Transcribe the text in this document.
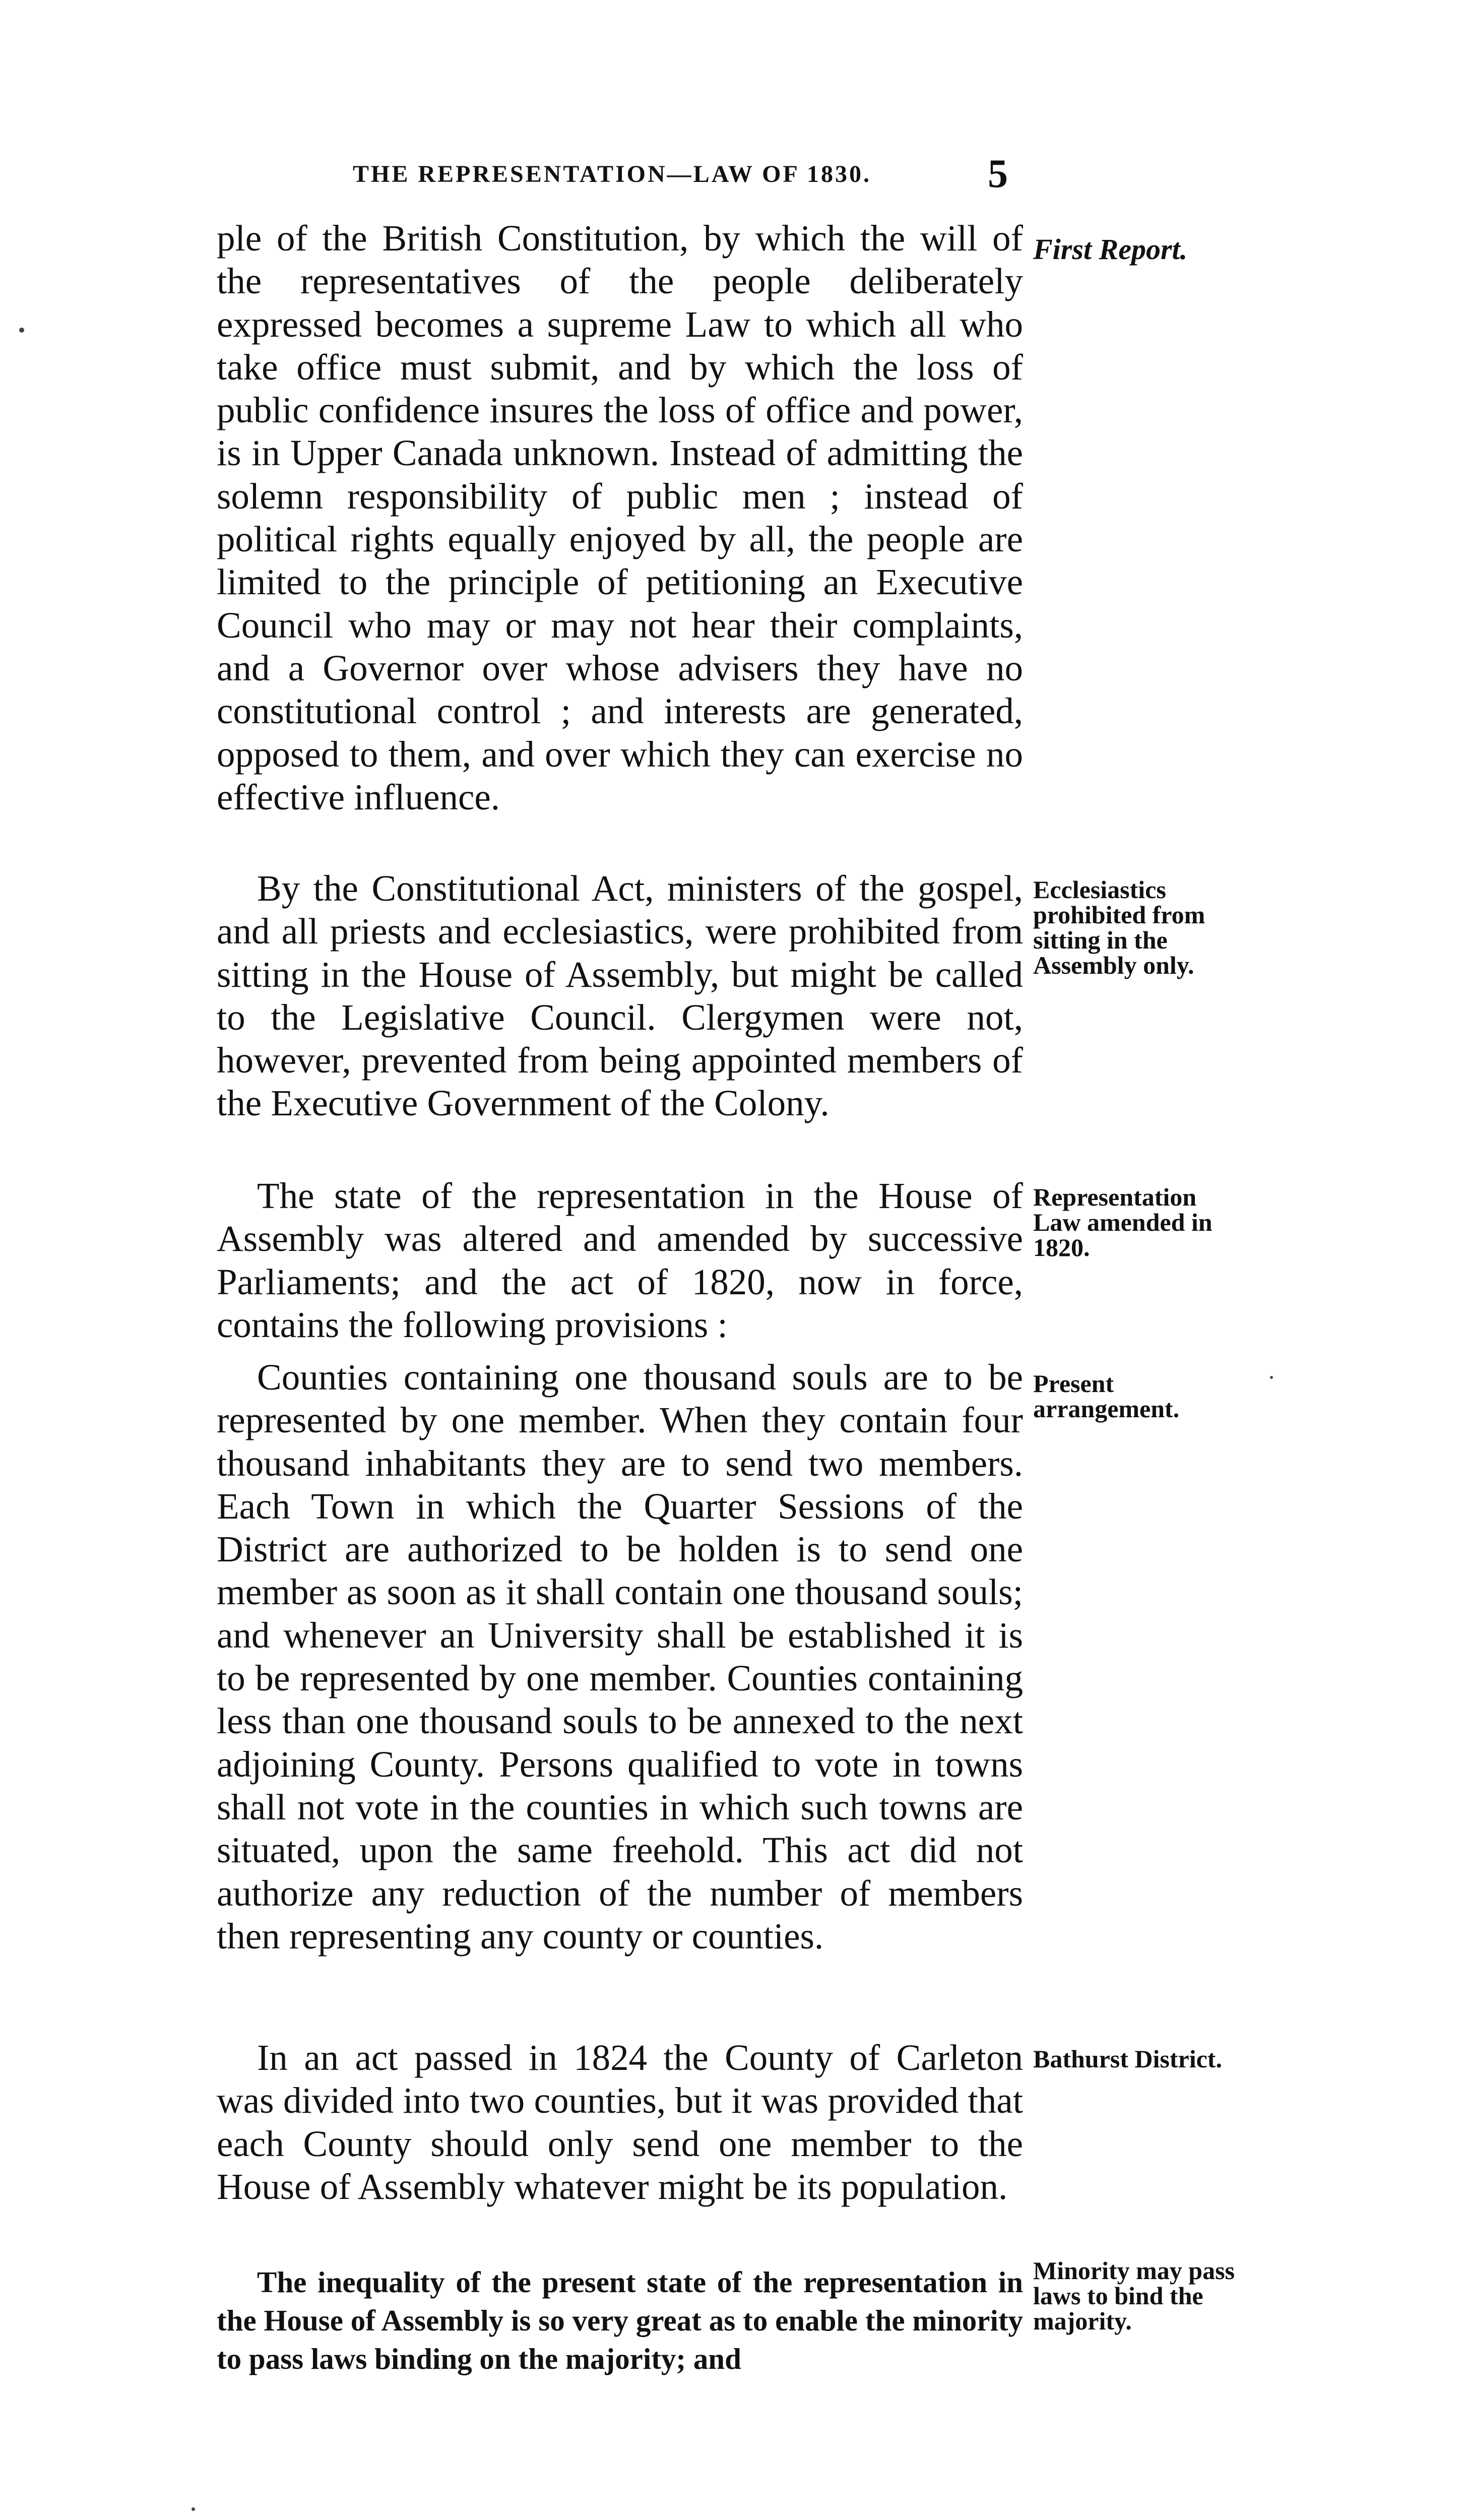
THE REPRESENTATION—LAW OF 1830.	5

ple of the British Constitution, by which the will of the representatives of the people deliberately expressed becomes a supreme Law to which all who take office must submit, and by which the loss of public confidence insures the loss of office and power, is in Upper Canada unknown. Instead of admitting the solemn responsibility of public men ; instead of political rights equally enjoyed by all, the people are limited to the principle of petitioning an Executive Council who may or may not hear their complaints, and a Governor over whose advisers they have no constitutional control ; and interests are generated, opposed to them, and over which they can exercise no effective influence.

First Report.

By the Constitutional Act, ministers of the gospel, and all priests and ecclesiastics, were prohibited from sitting in the House of Assembly, but might be called to the Legislative Council. Clergymen were not, however, prevented from being appointed members of the Executive Government of the Colony.

Ecclesiastics prohibited from sitting in the Assembly only.

The state of the representation in the House of Assembly was altered and amended by successive Parliaments; and the act of 1820, now in force, contains the following provisions :

Representation Law amended in 1820.

Counties containing one thousand souls are to be represented by one member. When they contain four thousand inhabitants they are to send two members. Each Town in which the Quarter Sessions of the District are authorized to be holden is to send one member as soon as it shall contain one thousand souls; and whenever an University shall be established it is to be represented by one member. Counties containing less than one thousand souls to be annexed to the next adjoining County. Persons qualified to vote in towns shall not vote in the counties in which such towns are situated, upon the same freehold. This act did not authorize any reduction of the number of members then representing any county or counties.

Present arrangement.

In an act passed in 1824 the County of Carleton was divided into two counties, but it was provided that each County should only send one member to the House of Assembly whatever might be its population.

Bathurst District.

The inequality of the present state of the representation in the House of Assembly is so very great as to enable the minority to pass laws binding on the majority; and

Minority may pass laws to bind the majority.
